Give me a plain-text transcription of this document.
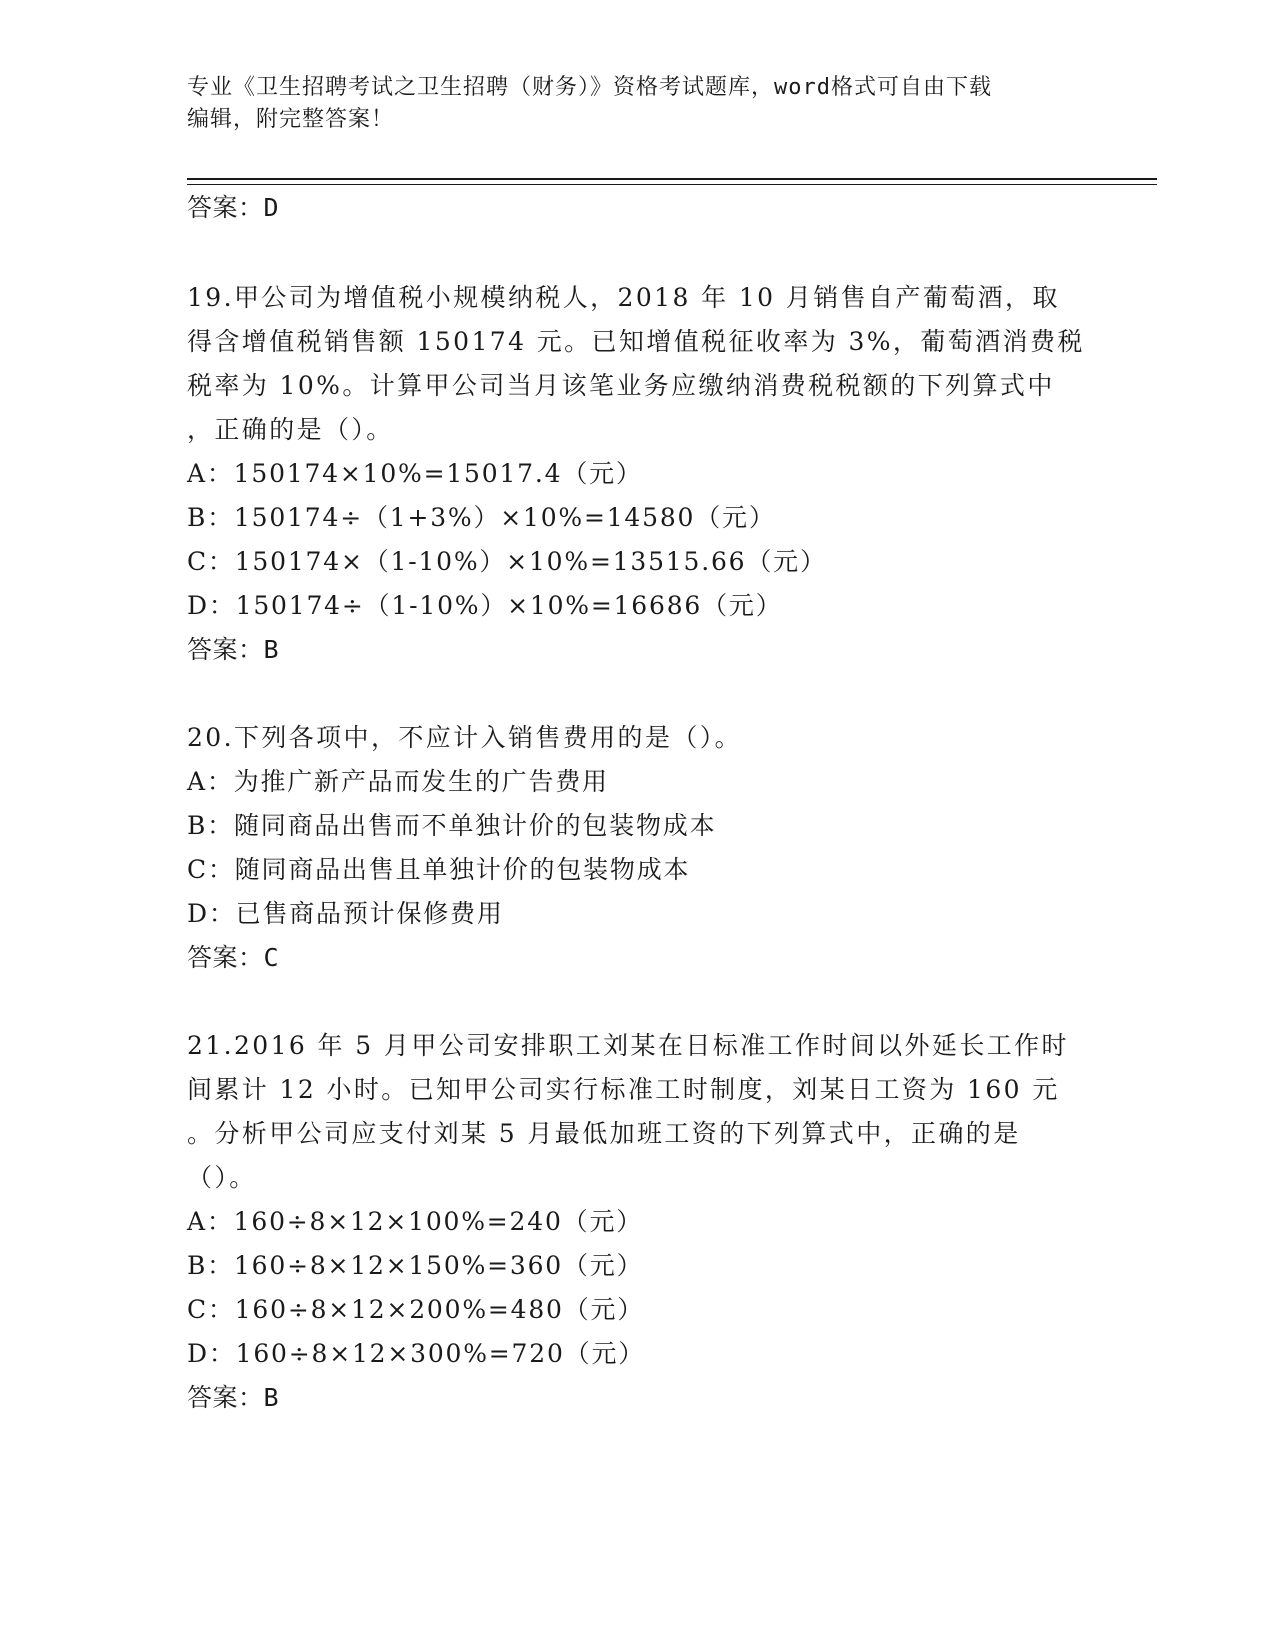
专业《卫生招聘考试之卫生招聘（财务）》资格考试题库，word格式可自由下载
编辑，附完整答案！
答案：D
19.甲公司为增值税小规模纳税人，2018 年 10 月销售自产葡萄酒，取
得含增值税销售额 150174 元。已知增值税征收率为 3%，葡萄酒消费税
税率为 10%。计算甲公司当月该笔业务应缴纳消费税税额的下列算式中
，正确的是（）。
A：150174×10%=15017.4（元）
B：150174÷（1+3%）×10%=14580（元）
C：150174×（1-10%）×10%=13515.66（元）
D：150174÷（1-10%）×10%=16686（元）
答案：B
20.下列各项中，不应计入销售费用的是（）。
A：为推广新产品而发生的广告费用
B：随同商品出售而不单独计价的包装物成本
C：随同商品出售且单独计价的包装物成本
D：已售商品预计保修费用
答案：C
21.2016 年 5 月甲公司安排职工刘某在日标准工作时间以外延长工作时
间累计 12 小时。已知甲公司实行标准工时制度，刘某日工资为 160 元
。分析甲公司应支付刘某 5 月最低加班工资的下列算式中，正确的是
（）。
A：160÷8×12×100%=240（元）
B：160÷8×12×150%=360（元）
C：160÷8×12×200%=480（元）
D：160÷8×12×300%=720（元）
答案：B
